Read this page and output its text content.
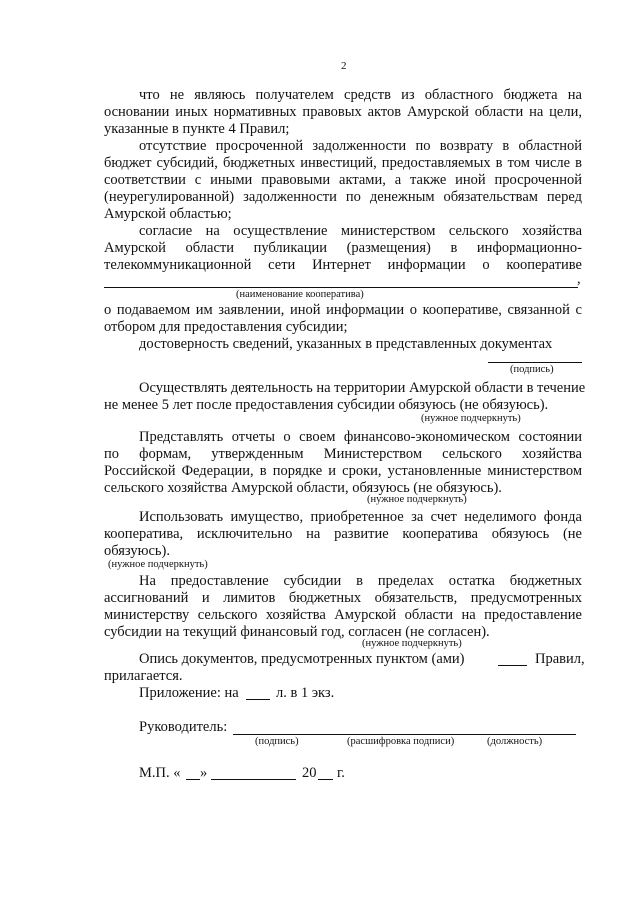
2
что не являюсь получателем средств из областного бюджета на
основании иных нормативных правовых актов Амурской области на цели,
указанные в пункте 4 Правил;
отсутствие просроченной задолженности по возврату в областной
бюджет субсидий, бюджетных инвестиций, предоставляемых в том числе в
соответствии с иными правовыми актами, а также иной просроченной
(неурегулированной) задолженности по денежным обязательствам перед
Амурской областью;
согласие на осуществление министерством сельского хозяйства
Амурской области публикации (размещения) в информационно-
телекоммуникационной сети Интернет информации о кооперативе
,
(наименование кооператива)
о подаваемом им заявлении, иной информации о кооперативе, связанной с
отбором для предоставления субсидии;
достоверность сведений, указанных в представленных документах
(подпись)
Осуществлять деятельность на территории Амурской области в течение
не менее 5 лет после предоставления субсидии обязуюсь (не обязуюсь).
(нужное подчеркнуть)
Представлять отчеты о своем финансово-экономическом состоянии
по формам, утвержденным Министерством сельского хозяйства
Российской Федерации, в порядке и сроки, установленные министерством
сельского хозяйства Амурской области, обязуюсь (не обязуюсь).
(нужное подчеркнуть)
Использовать имущество, приобретенное за счет неделимого фонда
кооператива, исключительно на развитие кооператива обязуюсь (не
обязуюсь).
(нужное подчеркнуть)
На предоставление субсидии в пределах остатка бюджетных
ассигнований и лимитов бюджетных обязательств, предусмотренных
министерству сельского хозяйства Амурской области на предоставление
субсидии на текущий финансовый год, согласен (не согласен).
(нужное подчеркнуть)
Опись документов, предусмотренных пунктом (ами)	Правил,
прилагается.
Приложение: на	л. в 1 экз.
Руководитель:
(подпись)	(расшифровка подписи)	(должность)
М.П. « »	20 г.
